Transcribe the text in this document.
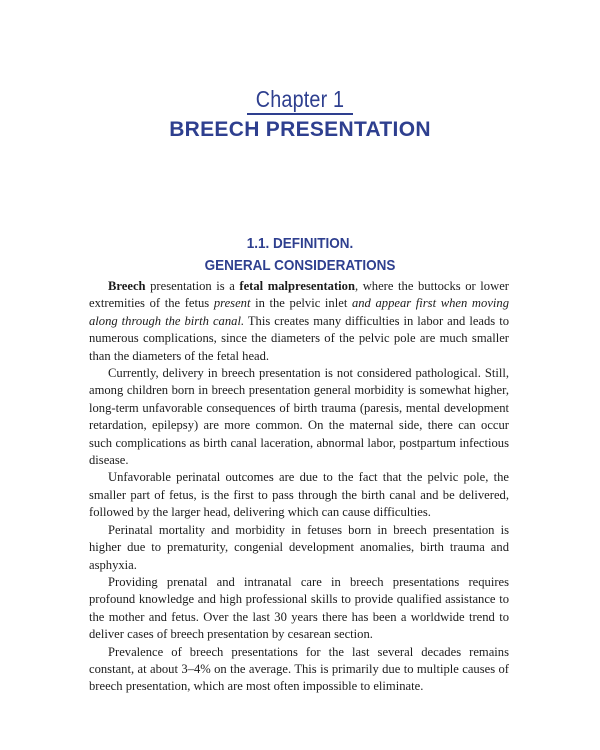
Chapter 1
BREECH PRESENTATION
1.1. DEFINITION.
GENERAL CONSIDERATIONS

Breech presentation is a fetal malpresentation, where the buttocks or lower extremities of the fetus present in the pelvic inlet and appear first when moving along through the birth canal. This creates many difficulties in labor and leads to numerous complications, since the diameters of the pelvic pole are much smaller than the diameters of the fetal head.

Currently, delivery in breech presentation is not considered pathological. Still, among children born in breech presentation general morbidity is somewhat higher, long-term unfavorable consequences of birth trauma (paresis, mental development retardation, epilepsy) are more common. On the maternal side, there can occur such complications as birth canal laceration, abnormal labor, postpartum infectious disease.

Unfavorable perinatal outcomes are due to the fact that the pelvic pole, the smaller part of fetus, is the first to pass through the birth canal and be delivered, followed by the larger head, delivering which can cause difficulties.

Perinatal mortality and morbidity in fetuses born in breech presentation is higher due to prematurity, congenial development anomalies, birth trauma and asphyxia.

Providing prenatal and intranatal care in breech presentations requires profound knowledge and high professional skills to provide qualified assistance to the mother and fetus. Over the last 30 years there has been a worldwide trend to deliver cases of breech presentation by cesarean section.

Prevalence of breech presentations for the last several decades remains constant, at about 3–4% on the average. This is primarily due to multiple causes of breech presentation, which are most often impossible to eliminate.
